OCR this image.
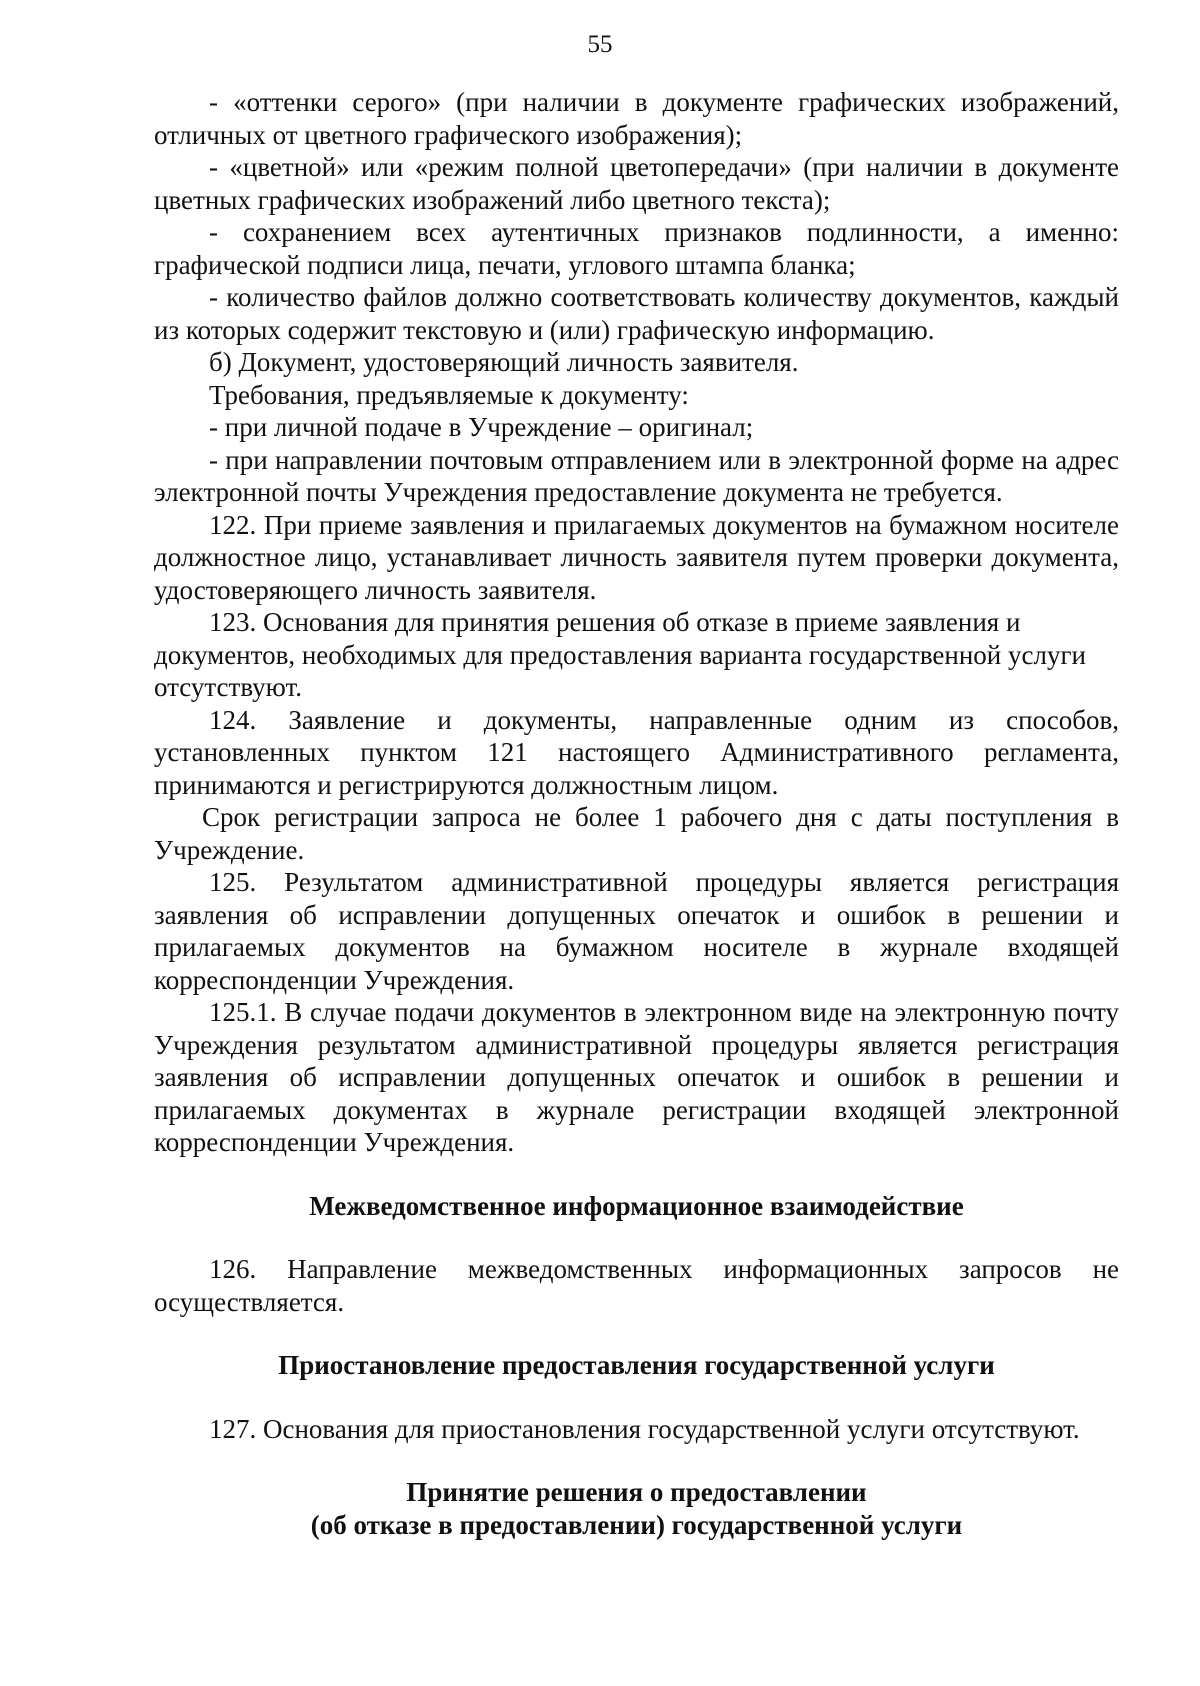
55

- «оттенки серого» (при наличии в документе графических изображений, отличных от цветного графического изображения);

- «цветной» или «режим полной цветопередачи» (при наличии в документе цветных графических изображений либо цветного текста);

- сохранением всех аутентичных признаков подлинности, а именно: графической подписи лица, печати, углового штампа бланка;

- количество файлов должно соответствовать количеству документов, каждый из которых содержит текстовую и (или) графическую информацию.

б) Документ, удостоверяющий личность заявителя.

Требования, предъявляемые к документу:

- при личной подаче в Учреждение – оригинал;

- при направлении почтовым отправлением или в электронной форме на адрес электронной почты Учреждения предоставление документа не требуется.

122. При приеме заявления и прилагаемых документов на бумажном носителе должностное лицо, устанавливает личность заявителя путем проверки документа, удостоверяющего личность заявителя.

123. Основания для принятия решения об отказе в приеме заявления и документов, необходимых для предоставления варианта государственной услуги отсутствуют.

124. Заявление и документы, направленные одним из способов, установленных пунктом 121 настоящего Административного регламента, принимаются и регистрируются должностным лицом.

Срок регистрации запроса не более 1 рабочего дня с даты поступления в Учреждение.

125. Результатом административной процедуры является регистрация заявления об исправлении допущенных опечаток и ошибок в решении и прилагаемых документов на бумажном носителе в журнале входящей корреспонденции Учреждения.

125.1. В случае подачи документов в электронном виде на электронную почту Учреждения результатом административной процедуры является регистрация заявления об исправлении допущенных опечаток и ошибок в решении и прилагаемых документах в журнале регистрации входящей электронной корреспонденции Учреждения.

Межведомственное информационное взаимодействие

126. Направление межведомственных информационных запросов не осуществляется.

Приостановление предоставления государственной услуги

127. Основания для приостановления государственной услуги отсутствуют.

Принятие решения о предоставлении

(об отказе в предоставлении) государственной услуги
